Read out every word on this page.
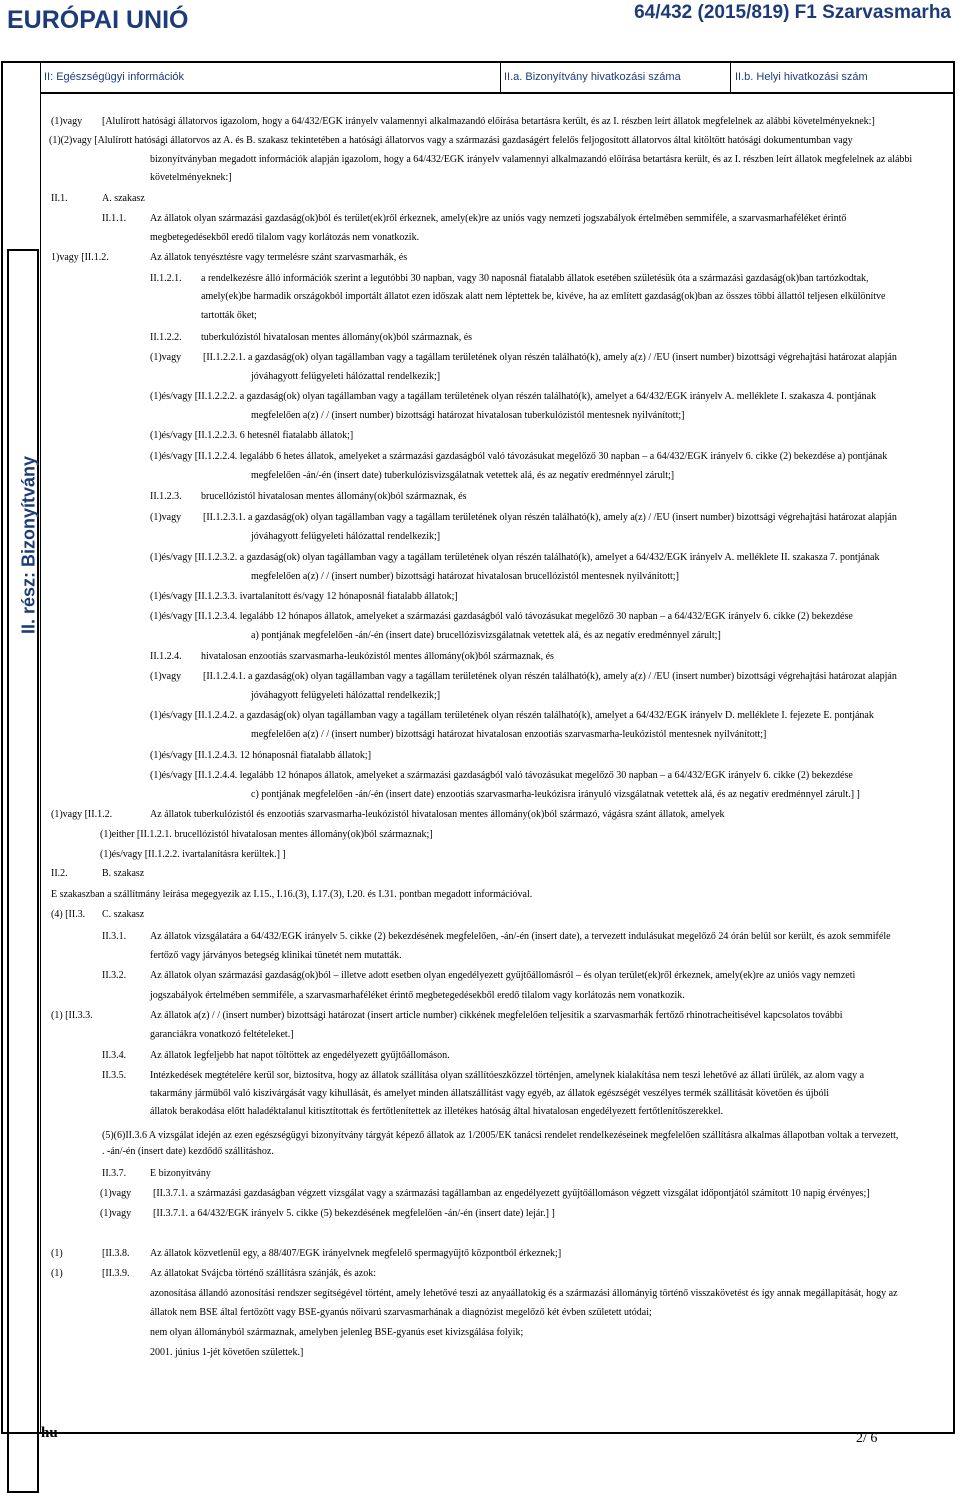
EURÓPAI UNIÓ	64/432 (2015/819) F1 Szarvasmarha
II. rész: Bizonyítvány
II: Egészségügyi információk	II.a. Bizonyítvány hivatkozási száma	II.b. Helyi hivatkozási szám
(1)vagy [Alulírott hatósági állatorvos igazolom, hogy a 64/432/EGK irányelv valamennyi alkalmazandó előírása betartásra került, és az I. részben leírt állatok megfelelnek az alábbi követelményeknek:]
(1)(2)vagy [Alulírott hatósági állatorvos az A. és B. szakasz tekintetében a hatósági állatorvos vagy a származási gazdaságért felelős feljogosított állatorvos által kitöltött hatósági dokumentumban vagy
bizonyítványban megadott információk alapján igazolom, hogy a 64/432/EGK irányelv valamennyi alkalmazandó előírása betartásra került, és az I. részben leírt állatok megfelelnek az alábbi
követelményeknek:]
II.1.	A. szakasz
II.1.1. Az állatok olyan származási gazdaság(ok)ból és terület(ek)ről érkeznek, amely(ek)re az uniós vagy nemzeti jogszabályok értelmében semmiféle, a szarvasmarhaféléket érintő
megbetegedésekből eredő tilalom vagy korlátozás nem vonatkozik.
1)vagy [II.1.2.	Az állatok tenyésztésre vagy termelésre szánt szarvasmarhák, és
II.1.2.1. a rendelkezésre álló információk szerint a legutóbbi 30 napban, vagy 30 naposnál fiatalabb állatok esetében születésük óta a származási gazdaság(ok)ban tartózkodtak,
amely(ek)be harmadik országokból importált állatot ezen időszak alatt nem léptettek be, kivéve, ha az említett gazdaság(ok)ban az összes többi állattól teljesen elkülönítve
tartották őket;
II.1.2.2. tuberkulózistól hivatalosan mentes állomány(ok)ból származnak, és
(1)vagy [II.1.2.2.1. a gazdaság(ok) olyan tagállamban vagy a tagállam területének olyan részén található(k), amely a(z) / /EU (insert number) bizottsági végrehajtási határozat alapján
jóváhagyott felügyeleti hálózattal rendelkezik;]
(1)és/vagy [II.1.2.2.2. a gazdaság(ok) olyan tagállamban vagy a tagállam területének olyan részén található(k), amelyet a 64/432/EGK irányelv A. melléklete I. szakasza 4. pontjának
megfelelően a(z) / / (insert number) bizottsági határozat hivatalosan tuberkulózistól mentesnek nyilvánított;]
(1)és/vagy [II.1.2.2.3. 6 hetesnél fiatalabb állatok;]
(1)és/vagy [II.1.2.2.4. legalább 6 hetes állatok, amelyeket a származási gazdaságból való távozásukat megelőző 30 napban – a 64/432/EGK irányelv 6. cikke (2) bekezdése a) pontjának
megfelelően -án/-én (insert date) tuberkulózisvizsgálatnak vetettek alá, és az negatív eredménnyel zárult;]
II.1.2.3. brucellózistól hivatalosan mentes állomány(ok)ból származnak, és
(1)vagy [II.1.2.3.1. a gazdaság(ok) olyan tagállamban vagy a tagállam területének olyan részén található(k), amely a(z) / /EU (insert number) bizottsági végrehajtási határozat alapján
jóváhagyott felügyeleti hálózattal rendelkezik;]
(1)és/vagy [II.1.2.3.2. a gazdaság(ok) olyan tagállamban vagy a tagállam területének olyan részén található(k), amelyet a 64/432/EGK irányelv A. melléklete II. szakasza 7. pontjának
megfelelően a(z) / / (insert number) bizottsági határozat hivatalosan brucellózistól mentesnek nyilvánított;]
(1)és/vagy [II.1.2.3.3. ivartalanított és/vagy 12 hónaposnál fiatalabb állatok;]
(1)és/vagy [II.1.2.3.4. legalább 12 hónapos állatok, amelyeket a származási gazdaságból való távozásukat megelőző 30 napban – a 64/432/EGK irányelv 6. cikke (2) bekezdése
a) pontjának megfelelően -án/-én (insert date) brucellózisvizsgálatnak vetettek alá, és az negatív eredménnyel zárult;]
II.1.2.4. hivatalosan enzootiás szarvasmarha-leukózistól mentes állomány(ok)ból származnak, és
(1)vagy [II.1.2.4.1. a gazdaság(ok) olyan tagállamban vagy a tagállam területének olyan részén található(k), amely a(z) / /EU (insert number) bizottsági végrehajtási határozat alapján
jóváhagyott felügyeleti hálózattal rendelkezik;]
(1)és/vagy [II.1.2.4.2. a gazdaság(ok) olyan tagállamban vagy a tagállam területének olyan részén található(k), amelyet a 64/432/EGK irányelv D. melléklete I. fejezete E. pontjának
megfelelően a(z) / / (insert number) bizottsági határozat hivatalosan enzootiás szarvasmarha-leukózistól mentesnek nyilvánított;]
(1)és/vagy [II.1.2.4.3. 12 hónaposnál fiatalabb állatok;]
(1)és/vagy [II.1.2.4.4. legalább 12 hónapos állatok, amelyeket a származási gazdaságból való távozásukat megelőző 30 napban – a 64/432/EGK irányelv 6. cikke (2) bekezdése
c) pontjának megfelelően -án/-én (insert date) enzootiás szarvasmarha-leukózisra irányuló vizsgálatnak vetettek alá, és az negatív eredménnyel zárult.] ]
(1)vagy [II.1.2.	Az állatok tuberkulózistól és enzootiás szarvasmarha-leukózistól hivatalosan mentes állomány(ok)ból származó, vágásra szánt állatok, amelyek
(1)either [II.1.2.1. brucellózistól hivatalosan mentes állomány(ok)ból származnak;]
(1)és/vagy [II.1.2.2. ivartalanításra kerültek.] ]
II.2.	B. szakasz
E szakaszban a szállítmány leírása megegyezik az I.15., I.16.(3), I.17.(3), I.20. és I.31. pontban megadott információval.
(4) [II.3. C. szakasz
II.3.1. Az állatok vizsgálatára a 64/432/EGK irányelv 5. cikke (2) bekezdésének megfelelően, -án/-én (insert date), a tervezett indulásukat megelőző 24 órán belül sor került, és azok semmiféle
fertőző vagy járványos betegség klinikai tünetét nem mutatták.
II.3.2. Az állatok olyan származási gazdaság(ok)ból – illetve adott esetben olyan engedélyezett gyűjtőállomásról – és olyan terület(ek)ről érkeznek, amely(ek)re az uniós vagy nemzeti
jogszabályok értelmében semmiféle, a szarvasmarhaféléket érintő megbetegedésekből eredő tilalom vagy korlátozás nem vonatkozik.
(1) [II.3.3.	Az állatok a(z) / / (insert number) bizottsági határozat (insert article number) cikkének megfelelően teljesítik a szarvasmarhák fertőző rhinotracheitisével kapcsolatos további
garanciákra vonatkozó feltételeket.]
II.3.4. Az állatok legfeljebb hat napot töltöttek az engedélyezett gyűjtőállomáson.
II.3.5. Intézkedések megtételére kerül sor, biztosítva, hogy az állatok szállítása olyan szállítóeszközzel történjen, amelynek kialakítása nem teszi lehetővé az állati ürülék, az alom vagy a
takarmány járműből való kiszivárgását vagy kihullását, és amelyet minden állatszállítást vagy egyéb, az állatok egészségét veszélyes termék szállítását követően és újbóli
állatok berakodása előtt haladéktalanul kitisztítottak és fertőtlenítettek az illetékes hatóság által hivatalosan engedélyezett fertőtlenítőszerekkel.
(5)(6)II.3.6 A vizsgálat idején az ezen egészségügyi bizonyítvány tárgyát képező állatok az 1/2005/EK tanácsi rendelet rendelkezéseinek megfelelően szállításra alkalmas állapotban voltak a tervezett,
. -án/-én (insert date) kezdődő szállításhoz.
II.3.7. E bizonyítvány
(1)vagy [II.3.7.1. a származási gazdaságban végzett vizsgálat vagy a származási tagállamban az engedélyezett gyűjtőállomáson végzett vizsgálat időpontjától számított 10 napig érvényes;]
(1)vagy [II.3.7.1. a 64/432/EGK irányelv 5. cikke (5) bekezdésének megfelelően -án/-én (insert date) lejár.] ]
(1)	[II.3.8. Az állatok közvetlenül egy, a 88/407/EGK irányelvnek megfelelő spermagyűjtő központból érkeznek;]
(1)	[II.3.9. Az állatokat Svájcba történő szállításra szánják, és azok:
azonosítása állandó azonosítási rendszer segítségével történt, amely lehetővé teszi az anyaállatokig és a származási állományig történő visszakövetést és így annak megállapítását, hogy az
állatok nem BSE által fertőzött vagy BSE-gyanús nőivarú szarvasmarhának a diagnózist megelőző két évben született utódai;
nem olyan állományból származnak, amelyben jelenleg BSE-gyanús eset kivizsgálása folyik;
2001. június 1-jét követően születtek.]
hu	2/ 6
